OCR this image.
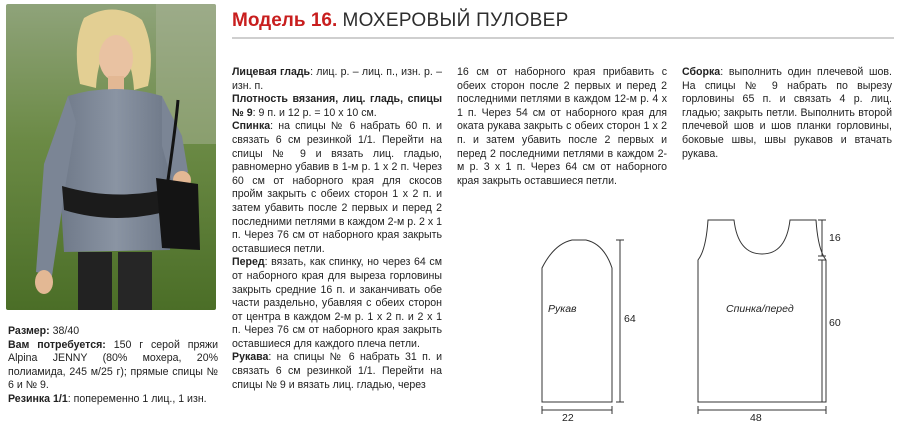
Модель 16. МОХЕРОВЫЙ ПУЛОВЕР

Лицевая гладь: лиц. р. – лиц. п., изн. р. – изн. п.

Плотность вязания, лиц. гладь, спицы № 9: 9 п. и 12 р. = 10 x 10 см.

Спинка: на спицы № 6 набрать 60 п. и связать 6 см резинкой 1/1. Перейти на спицы № 9 и вязать лиц. гладью, равномерно убавив в 1-м р. 1 x 2 п. Через 60 см от наборного края для скосов пройм закрыть с обеих сторон 1 x 2 п. и затем убавить после 2 первых и перед 2 последними петлями в каждом 2-м р. 2 x 1 п. Через 76 см от наборного края закрыть оставшиеся петли.

Перед: вязать, как спинку, но через 64 см от наборного края для выреза горловины закрыть средние 16 п. и заканчивать обе части раздельно, убавляя с обеих сторон от центра в каждом 2-м р. 1 x 2 п. и 2 x 1 п. Через 76 см от наборного края закрыть оставшиеся для каждого плеча петли.

Рукава: на спицы № 6 набрать 31 п. и связать 6 см резинкой 1/1. Перейти на спицы № 9 и вязать лиц. гладью, через

16 см от наборного края прибавить с обеих сторон после 2 первых и перед 2 последними петлями в каждом 12-м р. 4 x 1 п. Через 54 см от наборного края для оката рукава закрыть с обеих сторон 1 x 2 п. и затем убавить после 2 первых и перед 2 последними петлями в каждом 2-м р. 3 x 1 п. Через 64 см от наборного края закрыть оставшиеся петли.

Сборка: выполнить один плечевой шов. На спицы № 9 набрать по вырезу горловины 65 п. и связать 4 р. лиц. гладью; закрыть петли. Выполнить второй плечевой шов и шов планки горловины, боковые швы, швы рукавов и втачать рукава.

Размер: 38/40

Вам потребуется: 150 г серой пряжи Alpina JENNY (80% мохера, 20% полиамида, 245 м/25 г); прямые спицы № 6 и № 9.

Резинка 1/1: попеременно 1 лиц., 1 изн.

Рукав
64
22
Спинка/перед
16
60
48
